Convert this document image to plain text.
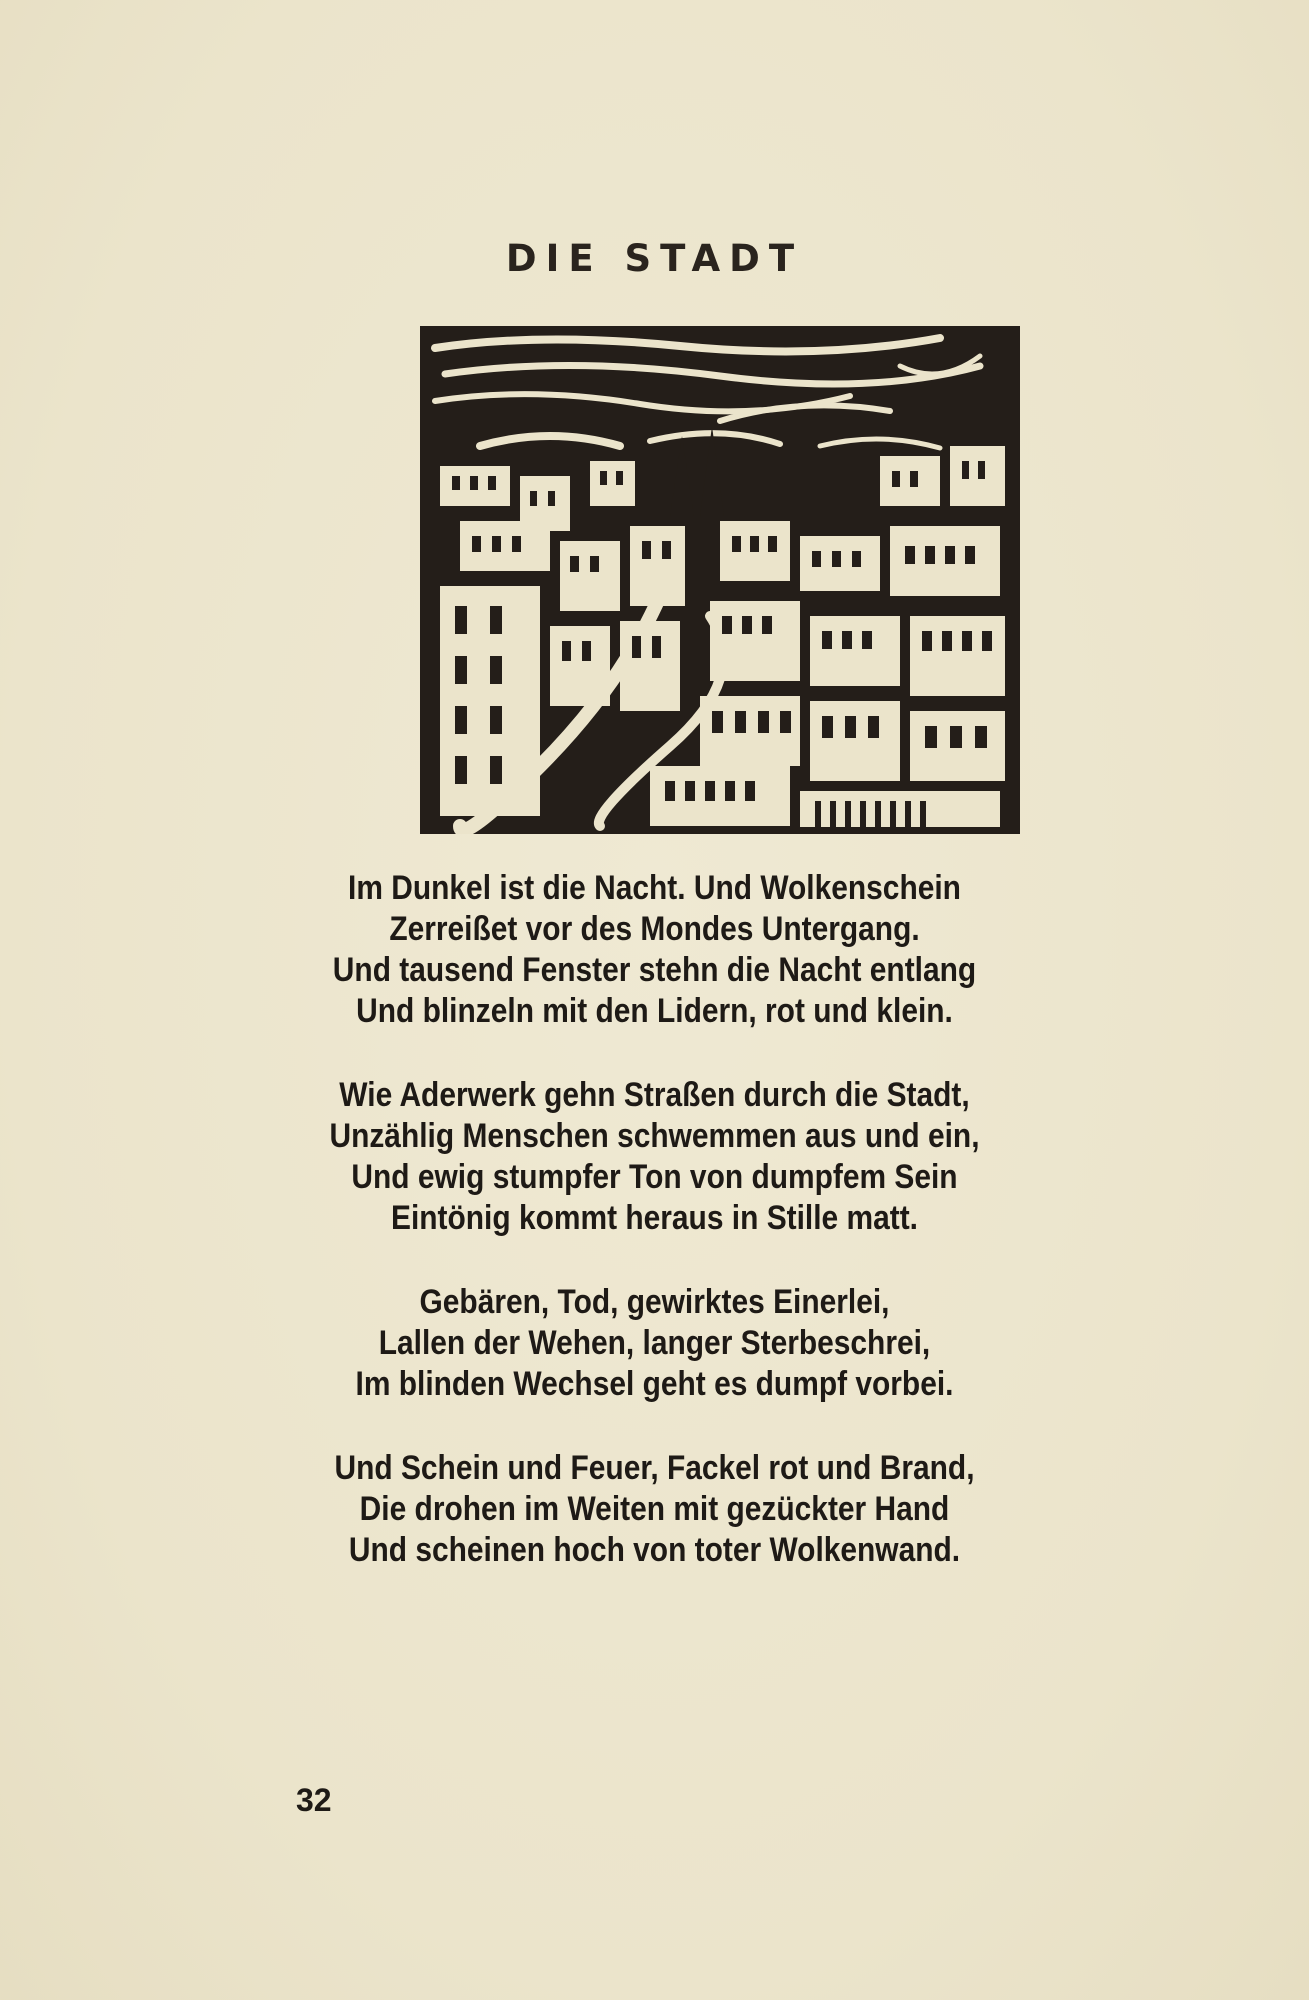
DIE STADT
Im Dunkel ist die Nacht. Und Wolkenschein
Zerreißet vor des Mondes Untergang.
Und tausend Fenster stehn die Nacht entlang
Und blinzeln mit den Lidern, rot und klein.
Wie Aderwerk gehn Straßen durch die Stadt,
Unzählig Menschen schwemmen aus und ein,
Und ewig stumpfer Ton von dumpfem Sein
Eintönig kommt heraus in Stille matt.
Gebären, Tod, gewirktes Einerlei,
Lallen der Wehen, langer Sterbeschrei,
Im blinden Wechsel geht es dumpf vorbei.
Und Schein und Feuer, Fackel rot und Brand,
Die drohen im Weiten mit gezückter Hand
Und scheinen hoch von toter Wolkenwand.
32
